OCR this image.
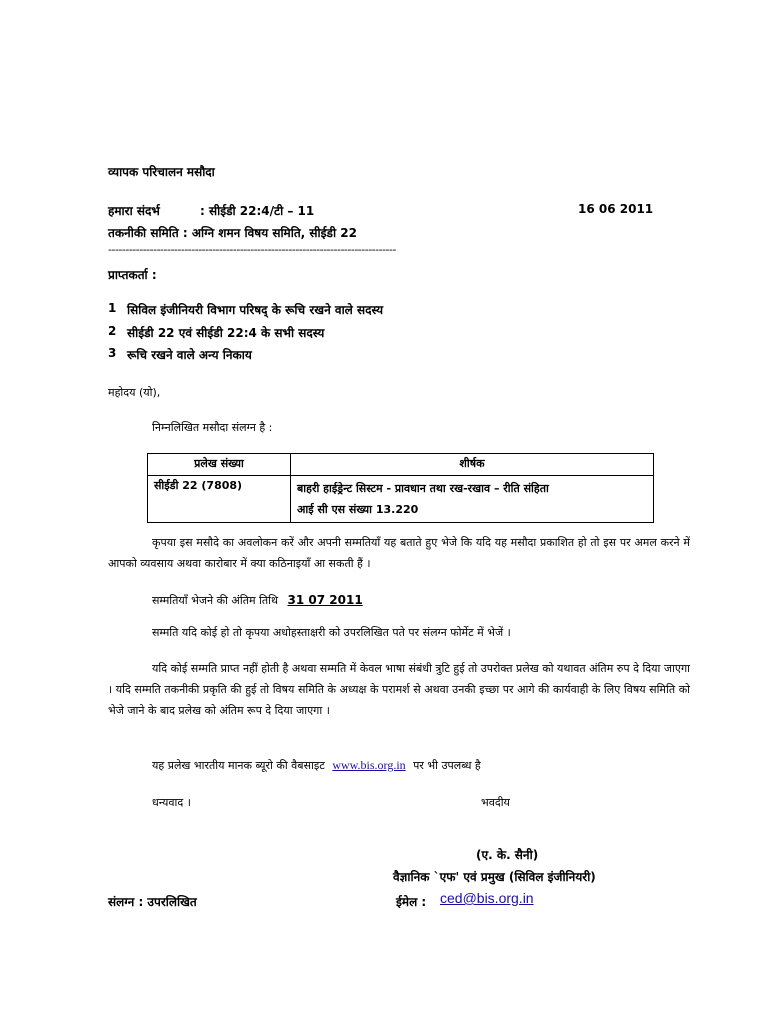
व्यापक परिचालन मसौदा
हमारा संदर्भ	: सीईडी 22:4/टी – 11	16 06 2011
तकनीकी समिति : अग्नि शमन विषय समिति, सीईडी 22
-----------------------------------------------------------------------------------
प्राप्तकर्ता :
1 सिविल इंजीनियरी विभाग परिषद् के रूचि रखने वाले सदस्य
2 सीईडी 22 एवं सीईडी 22:4 के सभी सदस्य
3 रूचि रखने वाले अन्य निकाय
महोदय (यो),
निम्नलिखित मसौदा संलग्न है :
प्रलेख संख्या	शीर्षक
सीईडी 22 (7808)	बाहरी हाईड्रेन्ट सिस्टम - प्रावधान तथा रख-रखाव – रीति संहिता
आई सी एस संख्या 13.220
कृपया इस मसौदे का अवलोकन करें और अपनी सम्मतियाँ यह बताते हुए भेजे कि यदि यह मसौदा प्रकाशित हो तो इस पर अमल करने में आपको व्यवसाय अथवा कारोबार में क्या कठिनाइयाँ आ सकती हैं ।
सम्मतियाँ भेजने की अंतिम तिथि 31 07 2011
सम्मति यदि कोई हो तो कृपया अधोहस्ताक्षरी को उपरलिखित पते पर संलग्न फोर्मेट में भेजें ।
यदि कोई सम्मति प्राप्त नहीं होती है अथवा सम्मति में केवल भाषा संबंधी त्रुटि हुई तो उपरोक्त प्रलेख को यथावत अंतिम रुप दे दिया जाएगा । यदि सम्मति तकनीकी प्रकृति की हुई तो विषय समिति के अध्यक्ष के परामर्श से अथवा उनकी इच्छा पर आगे की कार्यवाही के लिए विषय समिति को भेजे जाने के बाद प्रलेख को अंतिम रूप दे दिया जाएगा ।
यह प्रलेख भारतीय मानक ब्यूरो की वैबसाइट www.bis.org.in पर भी उपलब्ध है
धन्यवाद ।	भवदीय
(ए. के. सैनी)
वैज्ञानिक `एफ' एवं प्रमुख (सिविल इंजीनियरी)
संलग्न : उपरलिखित	ईमेल : ced@bis.org.in
